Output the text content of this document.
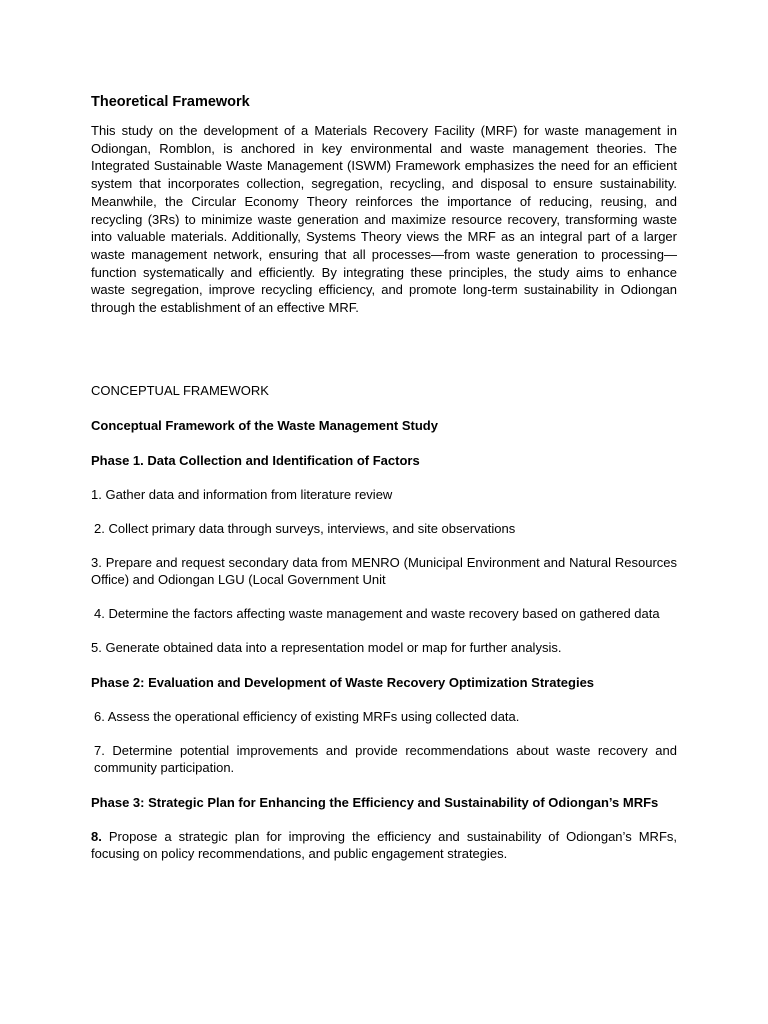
Theoretical Framework

This study on the development of a Materials Recovery Facility (MRF) for waste management in Odiongan, Romblon, is anchored in key environmental and waste management theories. The Integrated Sustainable Waste Management (ISWM) Framework emphasizes the need for an efficient system that incorporates collection, segregation, recycling, and disposal to ensure sustainability. Meanwhile, the Circular Economy Theory reinforces the importance of reducing, reusing, and recycling (3Rs) to minimize waste generation and maximize resource recovery, transforming waste into valuable materials. Additionally, Systems Theory views the MRF as an integral part of a larger waste management network, ensuring that all processes—from waste generation to processing—function systematically and efficiently. By integrating these principles, the study aims to enhance waste segregation, improve recycling efficiency, and promote long-term sustainability in Odiongan through the establishment of an effective MRF.

CONCEPTUAL FRAMEWORK

Conceptual Framework of the Waste Management Study

Phase 1. Data Collection and Identification of Factors

1. Gather data and information from literature review

2. Collect primary data through surveys, interviews, and site observations

3. Prepare and request secondary data from MENRO (Municipal Environment and Natural Resources Office) and Odiongan LGU (Local Government Unit

4. Determine the factors affecting waste management and waste recovery based on gathered data

5. Generate obtained data into a representation model or map for further analysis.

Phase 2: Evaluation and Development of Waste Recovery Optimization Strategies

6. Assess the operational efficiency of existing MRFs using collected data.

7. Determine potential improvements and provide recommendations about waste recovery and community participation.

Phase 3: Strategic Plan for Enhancing the Efficiency and Sustainability of Odiongan’s MRFs

8. Propose a strategic plan for improving the efficiency and sustainability of Odiongan’s MRFs, focusing on policy recommendations, and public engagement strategies.
